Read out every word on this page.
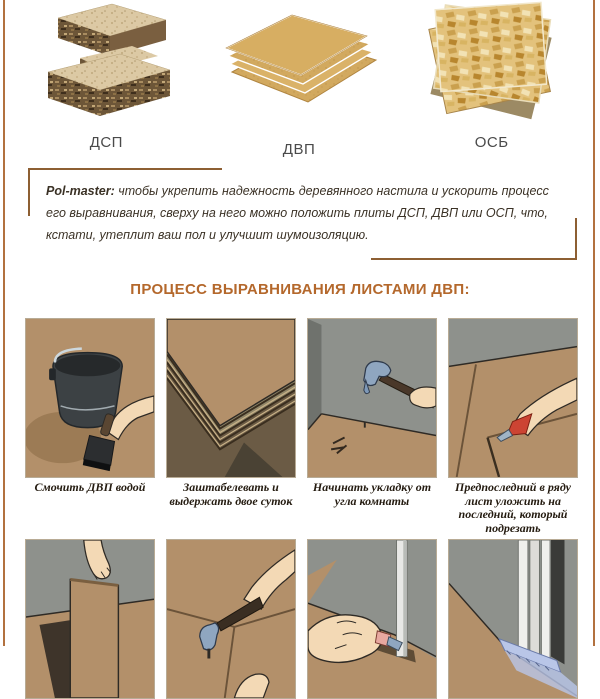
ДСП	ДВП	ОСБ
Pol-master: чтобы укрепить надежность деревянного настила и ускорить процесс его выравнивания, сверху на него можно положить плиты ДСП, ДВП или ОСП, что, кстати, утеплит ваш пол и улучшит шумоизоляцию.
ПРОЦЕСС ВЫРАВНИВАНИЯ ЛИСТАМИ ДВП:
Смочить ДВП водой	Заштабелевать и выдержать двое суток
Начинать укладку от угла комнаты
Предпоследний в ряду лист уложить на последний, который подрезать
